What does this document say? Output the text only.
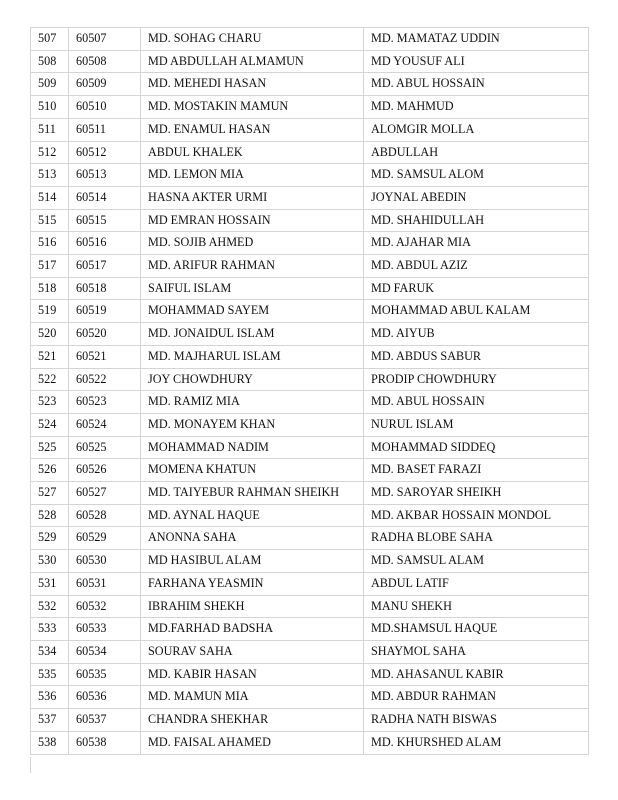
507	60507	MD. SOHAG CHARU	MD. MAMATAZ UDDIN
508	60508	MD ABDULLAH ALMAMUN	MD YOUSUF ALI
509	60509	MD. MEHEDI HASAN	MD. ABUL HOSSAIN
510	60510	MD. MOSTAKIN MAMUN	MD. MAHMUD
511	60511	MD. ENAMUL HASAN	ALOMGIR MOLLA
512	60512	ABDUL KHALEK	ABDULLAH
513	60513	MD. LEMON MIA	MD. SAMSUL ALOM
514	60514	HASNA AKTER URMI	JOYNAL ABEDIN
515	60515	MD EMRAN HOSSAIN	MD. SHAHIDULLAH
516	60516	MD. SOJIB AHMED	MD. AJAHAR MIA
517	60517	MD. ARIFUR RAHMAN	MD. ABDUL AZIZ
518	60518	SAIFUL ISLAM	MD FARUK
519	60519	MOHAMMAD SAYEM	MOHAMMAD ABUL KALAM
520	60520	MD. JONAIDUL ISLAM	MD. AIYUB
521	60521	MD. MAJHARUL ISLAM	MD. ABDUS SABUR
522	60522	JOY CHOWDHURY	PRODIP CHOWDHURY
523	60523	MD. RAMIZ MIA	MD. ABUL HOSSAIN
524	60524	MD. MONAYEM KHAN	NURUL ISLAM
525	60525	MOHAMMAD NADIM	MOHAMMAD SIDDEQ
526	60526	MOMENA KHATUN	MD. BASET FARAZI
527	60527	MD. TAIYEBUR RAHMAN SHEIKH	MD. SAROYAR SHEIKH
528	60528	MD. AYNAL HAQUE	MD. AKBAR HOSSAIN MONDOL
529	60529	ANONNA SAHA	RADHA BLOBE SAHA
530	60530	MD HASIBUL ALAM	MD. SAMSUL ALAM
531	60531	FARHANA YEASMIN	ABDUL LATIF
532	60532	IBRAHIM SHEKH	MANU SHEKH
533	60533	MD.FARHAD BADSHA	MD.SHAMSUL HAQUE
534	60534	SOURAV SAHA	SHAYMOL SAHA
535	60535	MD. KABIR HASAN	MD. AHASANUL KABIR
536	60536	MD. MAMUN MIA	MD. ABDUR RAHMAN
537	60537	CHANDRA SHEKHAR	RADHA NATH BISWAS
538	60538	MD. FAISAL AHAMED	MD. KHURSHED ALAM
